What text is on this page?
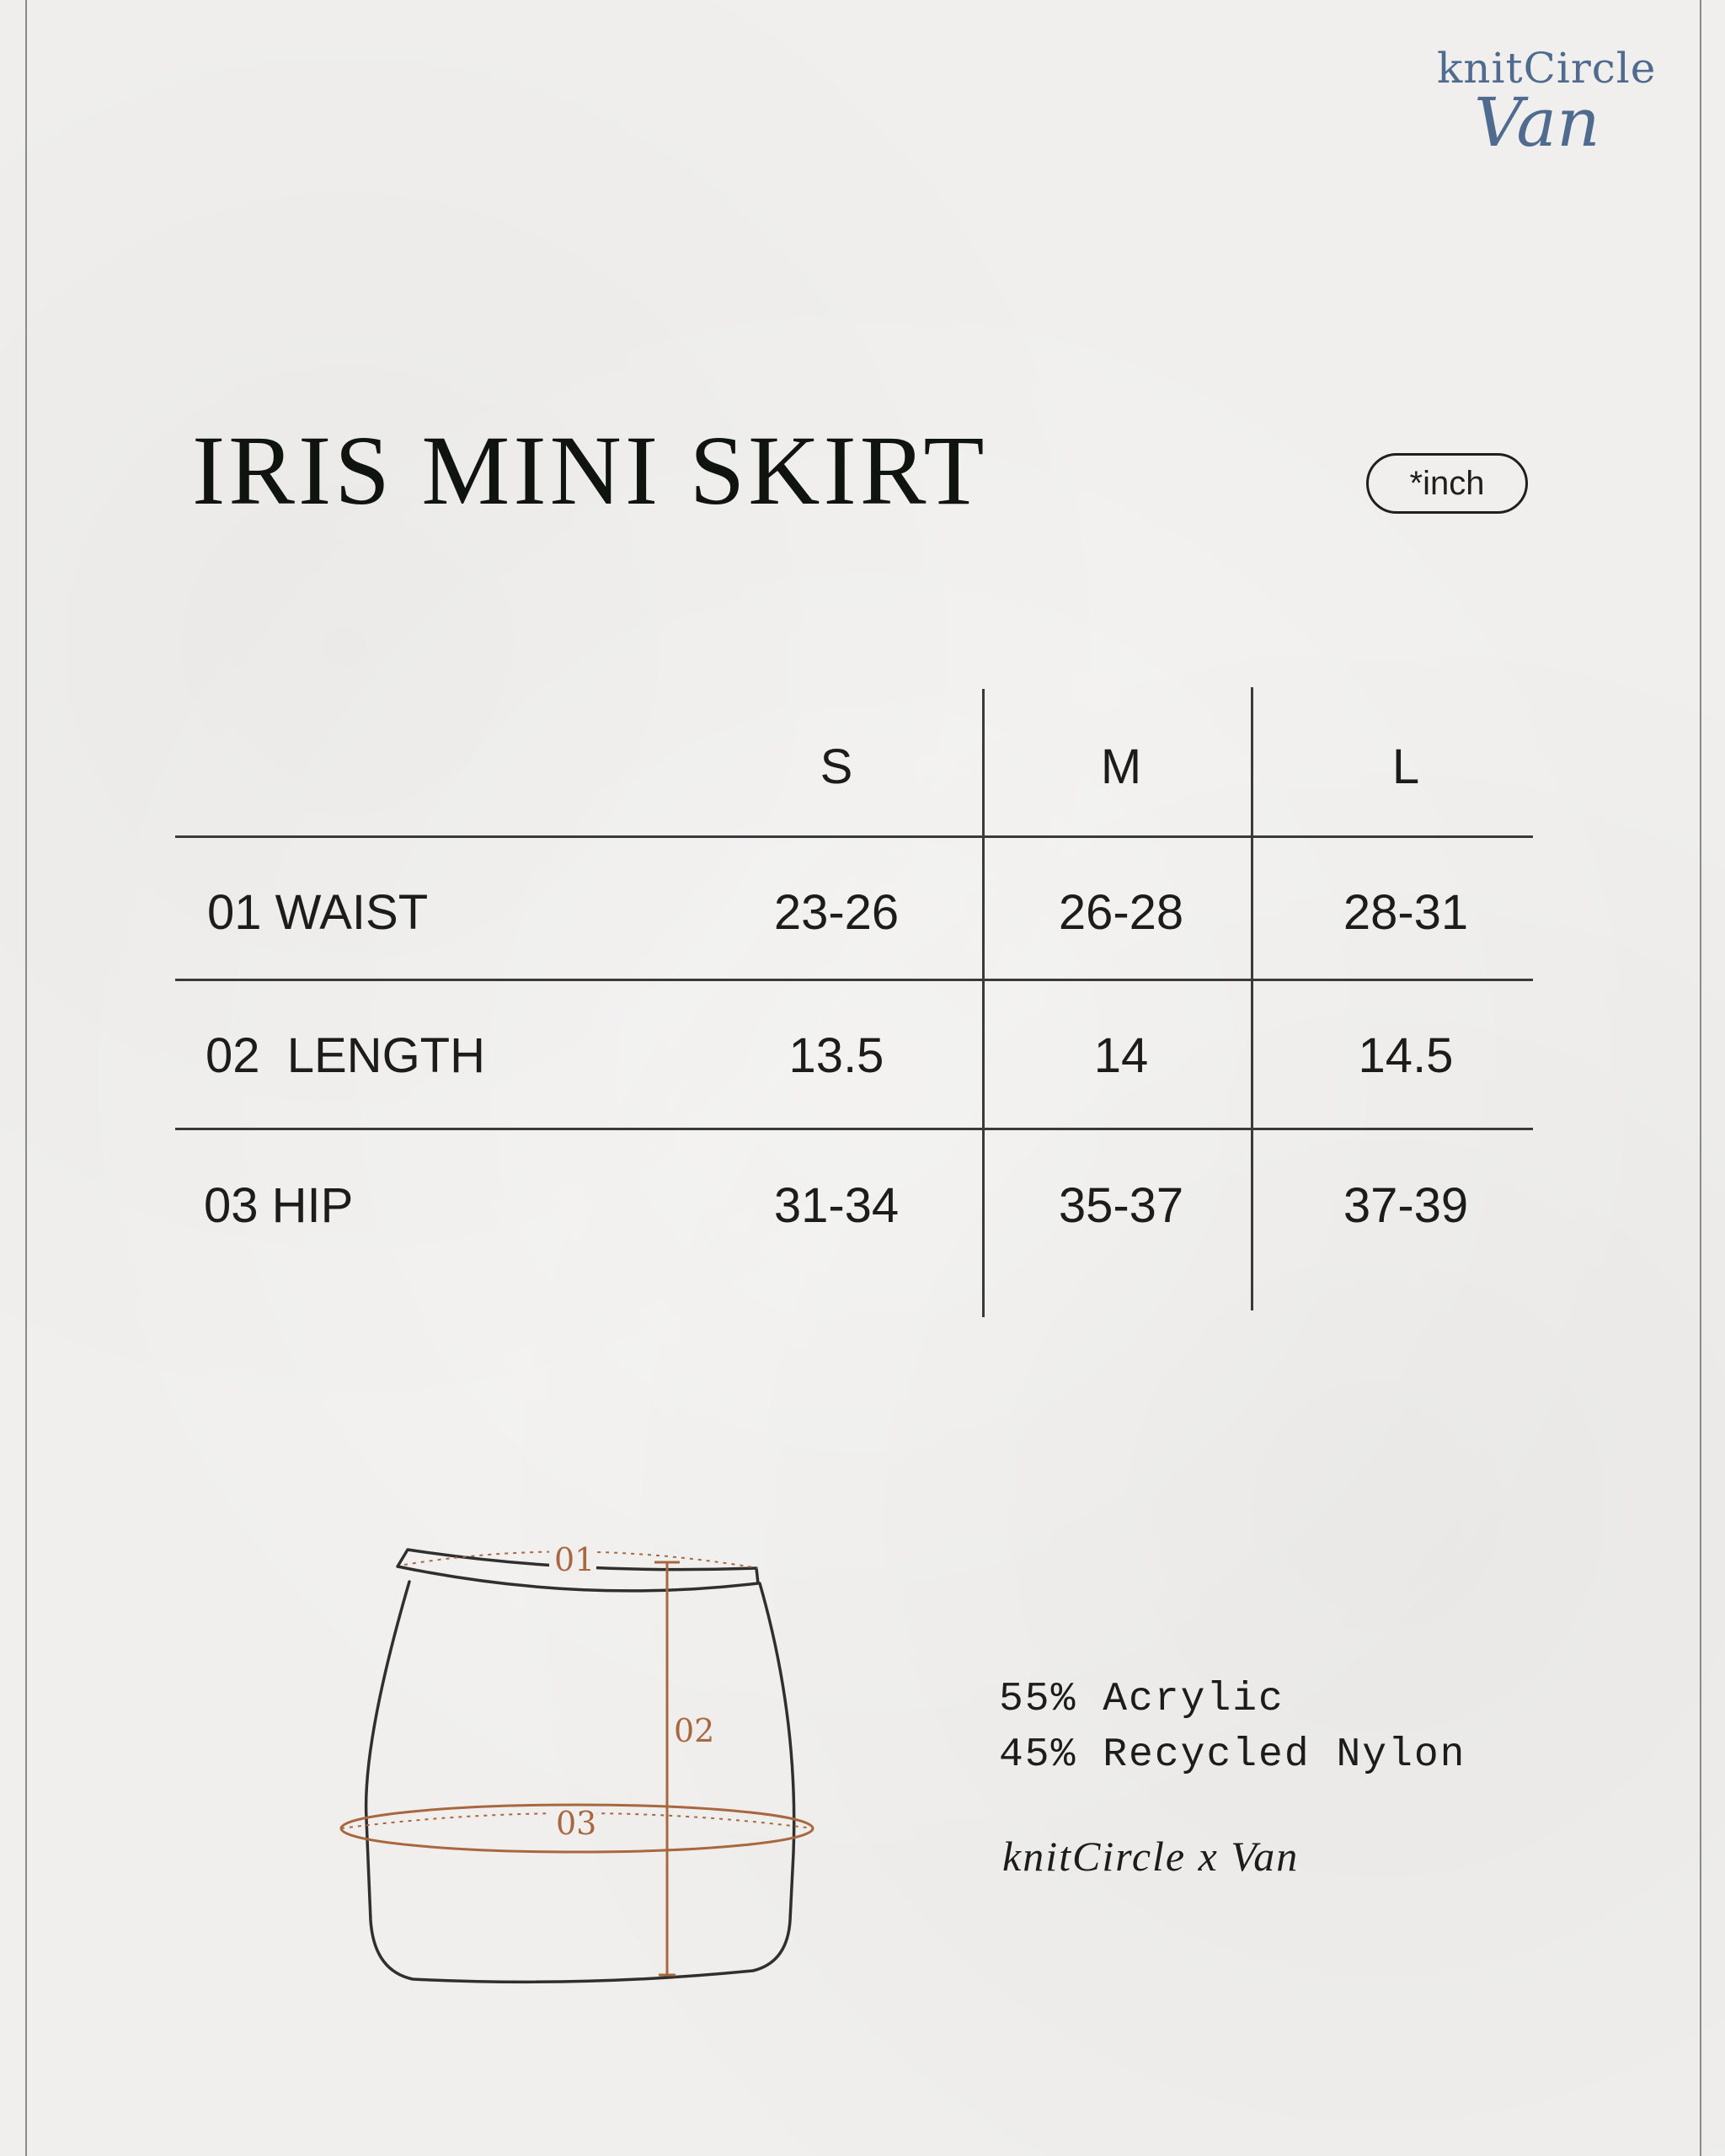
knitCircle
Van
IRIS MINI SKIRT	*inch
S	M	L
01 WAIST	23-26	26-28	28-31
02  LENGTH	13.5	14	14.5
03 HIP	31-34	35-37	37-39
01
02
03
55% Acrylic
45% Recycled Nylon
knitCircle x Van
